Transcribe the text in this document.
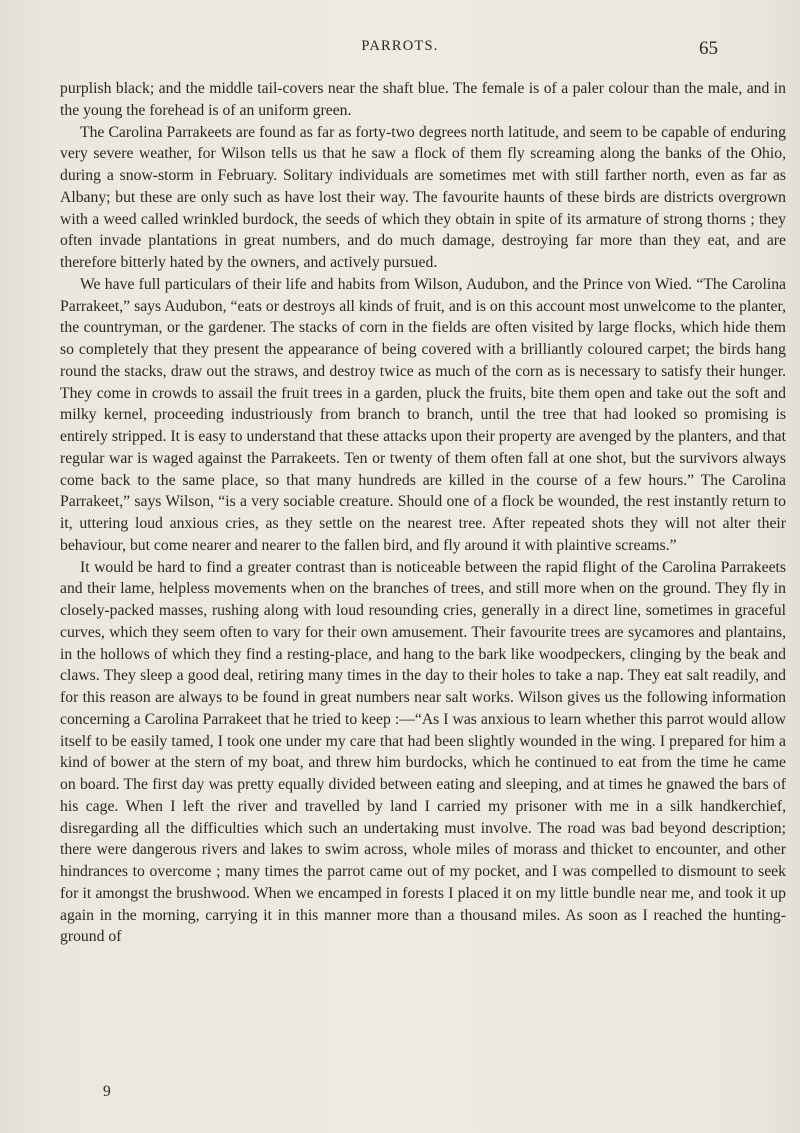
PARROTS.	65

purplish black; and the middle tail-covers near the shaft blue. The female is of a paler colour than the male, and in the young the forehead is of an uniform green.

The Carolina Parrakeets are found as far as forty-two degrees north latitude, and seem to be capable of enduring very severe weather, for Wilson tells us that he saw a flock of them fly screaming along the banks of the Ohio, during a snow-storm in February. Solitary individuals are sometimes met with still farther north, even as far as Albany; but these are only such as have lost their way. The favourite haunts of these birds are districts overgrown with a weed called wrinkled burdock, the seeds of which they obtain in spite of its armature of strong thorns ; they often invade plantations in great numbers, and do much damage, destroying far more than they eat, and are therefore bitterly hated by the owners, and actively pursued.

We have full particulars of their life and habits from Wilson, Audubon, and the Prince von Wied. “The Carolina Parrakeet,” says Audubon, “eats or destroys all kinds of fruit, and is on this account most unwelcome to the planter, the countryman, or the gardener. The stacks of corn in the fields are often visited by large flocks, which hide them so completely that they present the appearance of being covered with a brilliantly coloured carpet; the birds hang round the stacks, draw out the straws, and destroy twice as much of the corn as is necessary to satisfy their hunger. They come in crowds to assail the fruit trees in a garden, pluck the fruits, bite them open and take out the soft and milky kernel, proceeding industriously from branch to branch, until the tree that had looked so promising is entirely stripped. It is easy to understand that these attacks upon their property are avenged by the planters, and that regular war is waged against the Parrakeets. Ten or twenty of them often fall at one shot, but the survivors always come back to the same place, so that many hundreds are killed in the course of a few hours.” The Carolina Parrakeet,” says Wilson, “is a very sociable creature. Should one of a flock be wounded, the rest instantly return to it, uttering loud anxious cries, as they settle on the nearest tree. After repeated shots they will not alter their behaviour, but come nearer and nearer to the fallen bird, and fly around it with plaintive screams.”

It would be hard to find a greater contrast than is noticeable between the rapid flight of the Carolina Parrakeets and their lame, helpless movements when on the branches of trees, and still more when on the ground. They fly in closely-packed masses, rushing along with loud resounding cries, generally in a direct line, sometimes in graceful curves, which they seem often to vary for their own amusement. Their favourite trees are sycamores and plantains, in the hollows of which they find a resting-place, and hang to the bark like woodpeckers, clinging by the beak and claws. They sleep a good deal, retiring many times in the day to their holes to take a nap. They eat salt readily, and for this reason are always to be found in great numbers near salt works. Wilson gives us the following information concerning a Carolina Parrakeet that he tried to keep :—“As I was anxious to learn whether this parrot would allow itself to be easily tamed, I took one under my care that had been slightly wounded in the wing. I prepared for him a kind of bower at the stern of my boat, and threw him burdocks, which he continued to eat from the time he came on board. The first day was pretty equally divided between eating and sleeping, and at times he gnawed the bars of his cage. When I left the river and travelled by land I carried my prisoner with me in a silk handkerchief, disregarding all the difficulties which such an undertaking must involve. The road was bad beyond description; there were dangerous rivers and lakes to swim across, whole miles of morass and thicket to encounter, and other hindrances to overcome ; many times the parrot came out of my pocket, and I was compelled to dismount to seek for it amongst the brushwood. When we encamped in forests I placed it on my little bundle near me, and took it up again in the morning, carrying it in this manner more than a thousand miles. As soon as I reached the hunting-ground of

9
